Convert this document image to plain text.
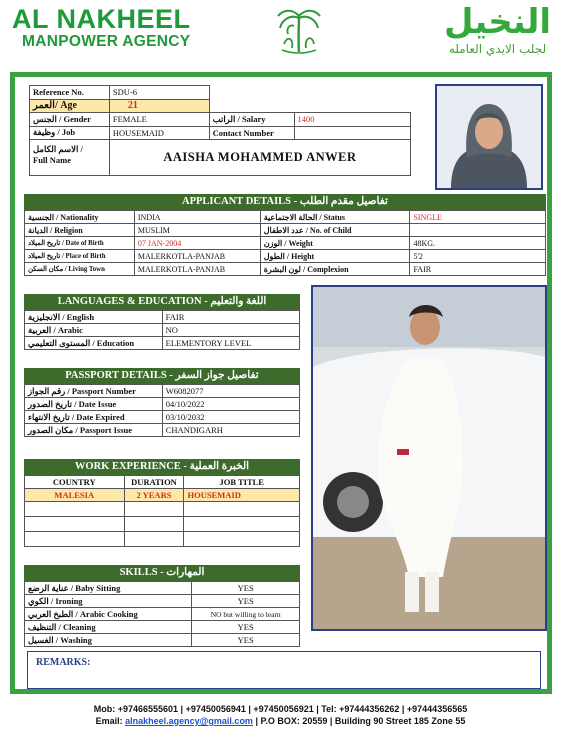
AL NAKHEEL
MANPOWER AGENCY	النخيل
لجلب الايدي العامله
Reference No.	SDU-6		
العمر/ Age	21		
الجنس / Gender	FEMALE	الراتب / Salary	1400
وظيفة / Job	HOUSEMAID	Contact Number	

الاسم الكامل /
Full Name	AAISHA MOHAMMED ANWER		
APPLICANT DETAILS - تفاصيل مقدم الطلب
الجنسية / Nationality	INDIA	الحالة الاجتماعية / Status	SINGLE
الديانة / Religion	MUSLIM	عدد الاطفال / No. of Child	
تاريخ الميلاد / Date of Birth	07 JAN-2004	الوزن / Weight	48KG.
تاريخ الميلاد / Place of Birth	MALERKOTLA-PANJAB	الطول / Height	5'2
مكان السكن / Living Town	MALERKOTLA-PANJAB	لون البشرة / Complexion	FAIR
LANGUAGES & EDUCATION - اللغة والتعليم
الانجليزية / English	FAIR
العربية / Arabic	NO
المستوى التعليمي / Education	ELEMENTORY LEVEL
PASSPORT DETAILS - تفاصيل جواز السفر
رقم الجواز / Passport Number	W6082077
تاريخ الصدور / Date Issue	04/10/2022
تاريخ الانتهاء / Date Expired	03/10/2032
مكان الصدور / Passport Issue	CHANDIGARH
WORK EXPERIENCE - الخبرة العملية
COUNTRY	DURATION	JOB TITLE
MALESIA	2 YEARS	HOUSEMAID

SKILLS - المهارات
عناية الرضع / Baby Sitting	YES
الكوي / Ironing	YES
الطبخ العربي / Arabic Cooking	NO but willing to learn
التنظيف / Cleaning	YES
الغسيل / Washing	YES
REMARKS:
Mob: +97466555601 | +97450056941 | +97450056921 | Tel: +97444356262 | +97444356565
Email: alnakheel.agency@gmail.com | P.O BOX: 20559 | Building 90 Street 185 Zone 55
